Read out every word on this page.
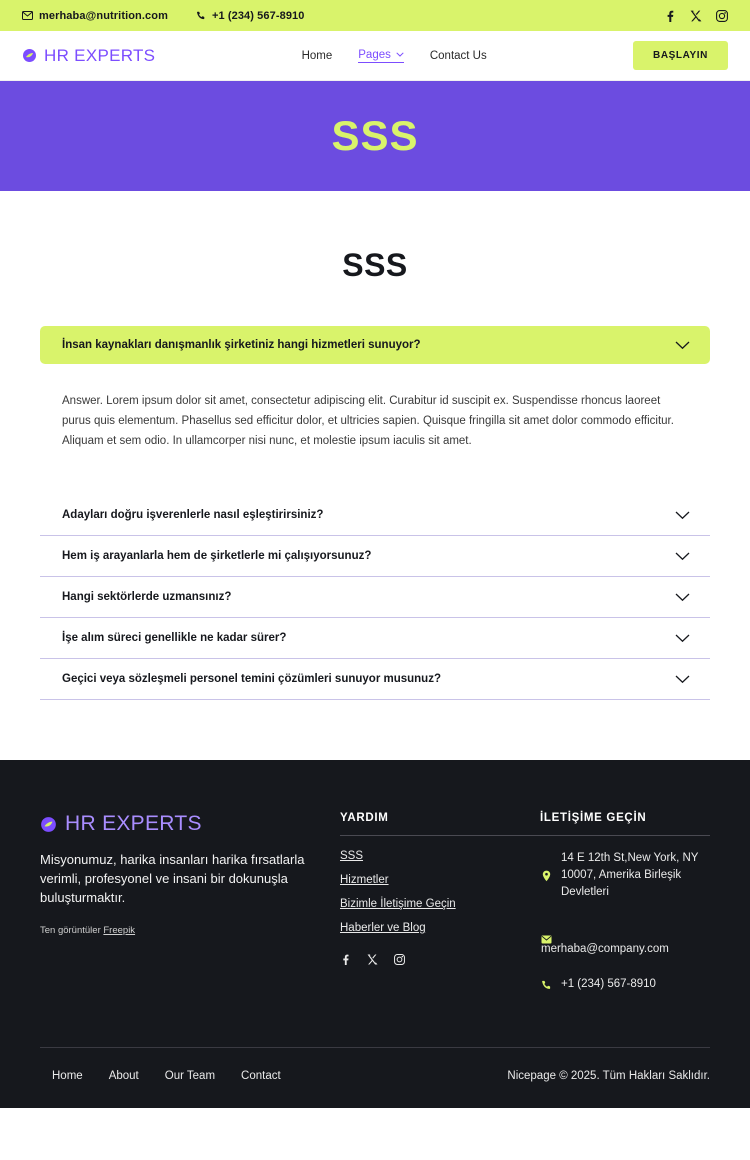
merhaba@nutrition.com	+1 (234) 567-8910
HR EXPERTS	Home Pages	Contact Us	BAŞLAYIN
SSS
SSS
İnsan kaynakları danışmanlık şirketiniz hangi hizmetleri sunuyor?
Answer. Lorem ipsum dolor sit amet, consectetur adipiscing elit. Curabitur id suscipit ex. Suspendisse rhoncus laoreet purus quis elementum. Phasellus sed efficitur dolor, et ultricies sapien. Quisque fringilla sit amet dolor commodo efficitur. Aliquam et sem odio. In ullamcorper nisi nunc, et molestie ipsum iaculis sit amet.
Adayları doğru işverenlerle nasıl eşleştirirsiniz?
Hem iş arayanlarla hem de şirketlerle mi çalışıyorsunuz?
Hangi sektörlerde uzmansınız?
İşe alım süreci genellikle ne kadar sürer?
Geçici veya sözleşmeli personel temini çözümleri sunuyor musunuz?
HR EXPERTS
Misyonumuz, harika insanları harika fırsatlarla verimli, profesyonel ve insani bir dokunuşla buluşturmaktır.
Ten görüntüler Freepik
YARDIM
SSS
Hizmetler
Bizimle İletişime Geçin
Haberler ve Blog
İLETİŞİME GEÇİN
14 E 12th St,New York, NY 10007, Amerika Birleşik Devletleri
merhaba@company.com
+1 (234) 567-8910
Home About Our Team Contact	Nicepage © 2025. Tüm Hakları Saklıdır.
